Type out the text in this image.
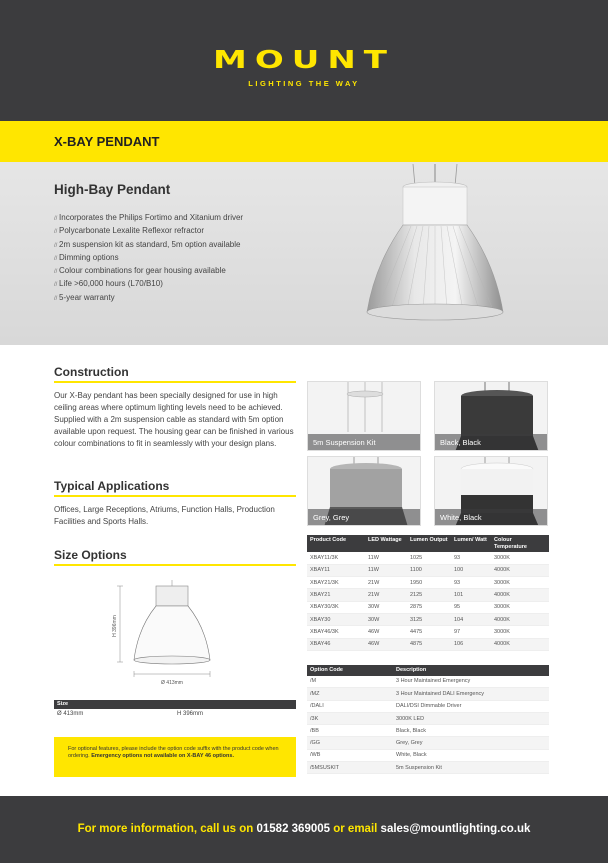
MOUNT
LIGHTING THE WAY
X-BAY PENDANT
High-Bay Pendant
// Incorporates the Philips Fortimo and Xitanium driver
// Polycarbonate Lexalite Reflexor refractor
// 2m suspension kit as standard, 5m option available
// Dimming options
// Colour combinations for gear housing available
// Life >60,000 hours (L70/B10)
// 5-year warranty
Construction
Our X-Bay pendant has been specially designed for use in high ceiling areas where optimum lighting levels need to be achieved. Supplied with a 2m suspension cable as standard with 5m option available upon request. The housing gear can be finished in various colour combinations to fit in seamlessly with your design plans.
Typical Applications
Offices, Large Receptions, Atriums, Function Halls, Production Facilities and Sports Halls.
Size Options
H 396mm
Ø 413mm
Size
Ø 413mm	H 396mm
For optional features, please include the option code suffix with the product code when ordering. Emergency options not available on X-BAY 46 options.
5m Suspension Kit	Black, Black
Grey, Grey	White, Black
Product Code	LED Wattage	Lumen Output	Lumen/ Watt	Colour Temperature
XBAY11/3K	11W	1025	93	3000K
XBAY11	11W	1100	100	4000K
XBAY21/3K	21W	1950	93	3000K
XBAY21	21W	2125	101	4000K
XBAY30/3K	30W	2875	95	3000K
XBAY30	30W	3125	104	4000K
XBAY46/3K	46W	4475	97	3000K
XBAY46	46W	4875	106	4000K
Option Code	Description
/M	3 Hour Maintained Emergency
/MZ	3 Hour Maintained DALI Emergency
/DALI	DALI/DSI Dimmable Driver
/3K	3000K LED
/BB	Black, Black
/GG	Grey, Grey
/WB	White, Black
/5MSUSKIT	5m Suspension Kit
For more information, call us on 01582 369005 or email sales@mountlighting.co.uk
